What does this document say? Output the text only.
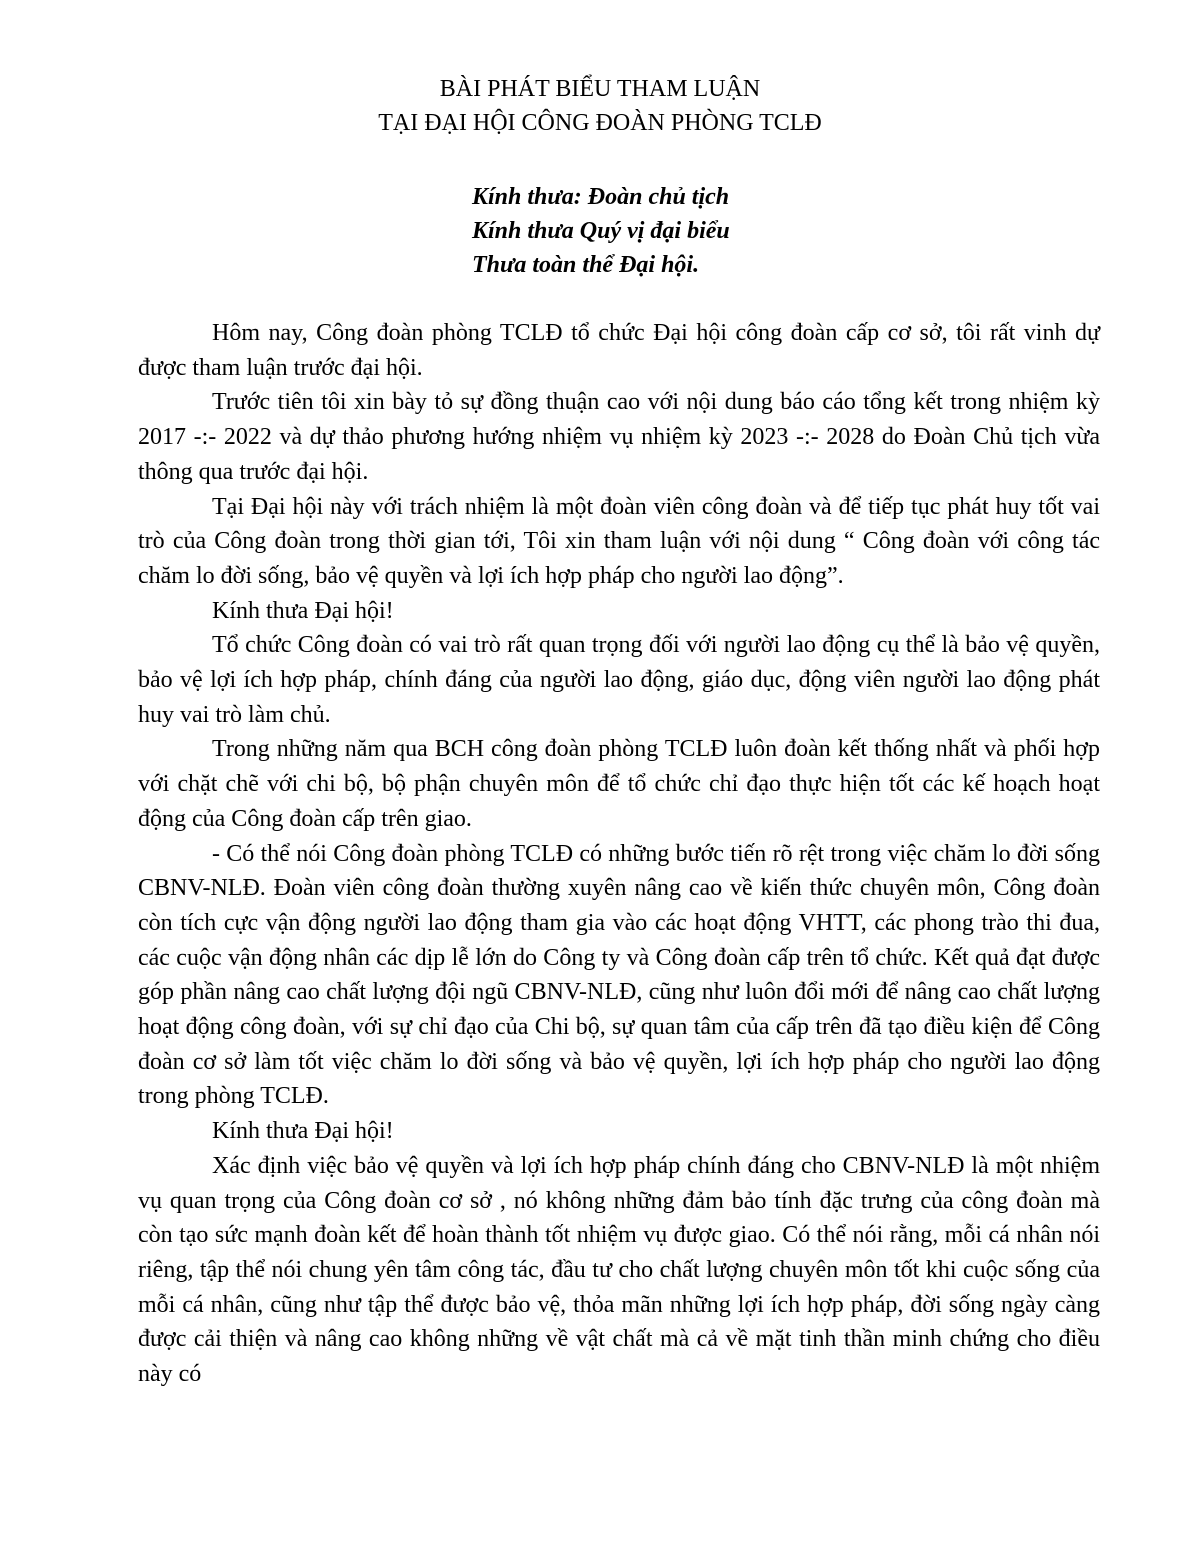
BÀI PHÁT BIỂU THAM LUẬN

TẠI ĐẠI HỘI CÔNG ĐOÀN PHÒNG TCLĐ

Kính thưa: Đoàn chủ tịch

Kính thưa Quý vị đại biểu

Thưa toàn thể Đại hội.

Hôm nay, Công đoàn phòng TCLĐ tổ chức Đại hội công đoàn cấp cơ sở, tôi rất vinh dự được tham luận trước đại hội.

Trước tiên tôi xin bày tỏ sự đồng thuận cao với nội dung báo cáo tổng kết trong nhiệm kỳ 2017 -:- 2022 và dự thảo phương hướng nhiệm vụ nhiệm kỳ 2023 -:- 2028 do Đoàn Chủ tịch vừa thông qua trước đại hội.

Tại Đại hội này với trách nhiệm là một đoàn viên công đoàn và để tiếp tục phát huy tốt vai trò của Công đoàn trong thời gian tới, Tôi xin tham luận với nội dung “ Công đoàn với công tác chăm lo đời sống, bảo vệ quyền và lợi ích hợp pháp cho người lao động”.

Kính thưa Đại hội!

Tổ chức Công đoàn có vai trò rất quan trọng đối với người lao động cụ thể là bảo vệ quyền, bảo vệ lợi ích hợp pháp, chính đáng của người lao động, giáo dục, động viên người lao động phát huy vai trò làm chủ.

Trong những năm qua BCH công đoàn phòng TCLĐ luôn đoàn kết thống nhất và phối hợp với chặt chẽ với chi bộ, bộ phận chuyên môn để tổ chức chỉ đạo thực hiện tốt các kế hoạch hoạt động của Công đoàn cấp trên giao.

- Có thể nói Công đoàn phòng TCLĐ có những bước tiến rõ rệt trong việc chăm lo đời sống CBNV-NLĐ. Đoàn viên công đoàn thường xuyên nâng cao về kiến thức chuyên môn, Công đoàn còn tích cực vận động người lao động tham gia vào các hoạt động VHTT, các phong trào thi đua, các cuộc vận động nhân các dịp lễ lớn do Công ty và Công đoàn cấp trên tổ chức. Kết quả đạt được góp phần nâng cao chất lượng đội ngũ CBNV-NLĐ, cũng như luôn đổi mới để nâng cao chất lượng hoạt động công đoàn, với sự chỉ đạo của Chi bộ, sự quan tâm của cấp trên đã tạo điều kiện để Công đoàn cơ sở làm tốt việc chăm lo đời sống và bảo vệ quyền, lợi ích hợp pháp cho người lao động trong phòng TCLĐ.

Kính thưa Đại hội!

Xác định việc bảo vệ quyền và lợi ích hợp pháp chính đáng cho CBNV-NLĐ là một nhiệm vụ quan trọng của Công đoàn cơ sở , nó không những đảm bảo tính đặc trưng của công đoàn mà còn tạo sức mạnh đoàn kết để hoàn thành tốt nhiệm vụ được giao. Có thể nói rằng, mỗi cá nhân nói riêng, tập thể nói chung yên tâm công tác, đầu tư cho chất lượng chuyên môn tốt khi cuộc sống của mỗi cá nhân, cũng như tập thể được bảo vệ, thỏa mãn những lợi ích hợp pháp, đời sống ngày càng được cải thiện và nâng cao không những về vật chất mà cả về mặt tinh thần minh chứng cho điều này có
